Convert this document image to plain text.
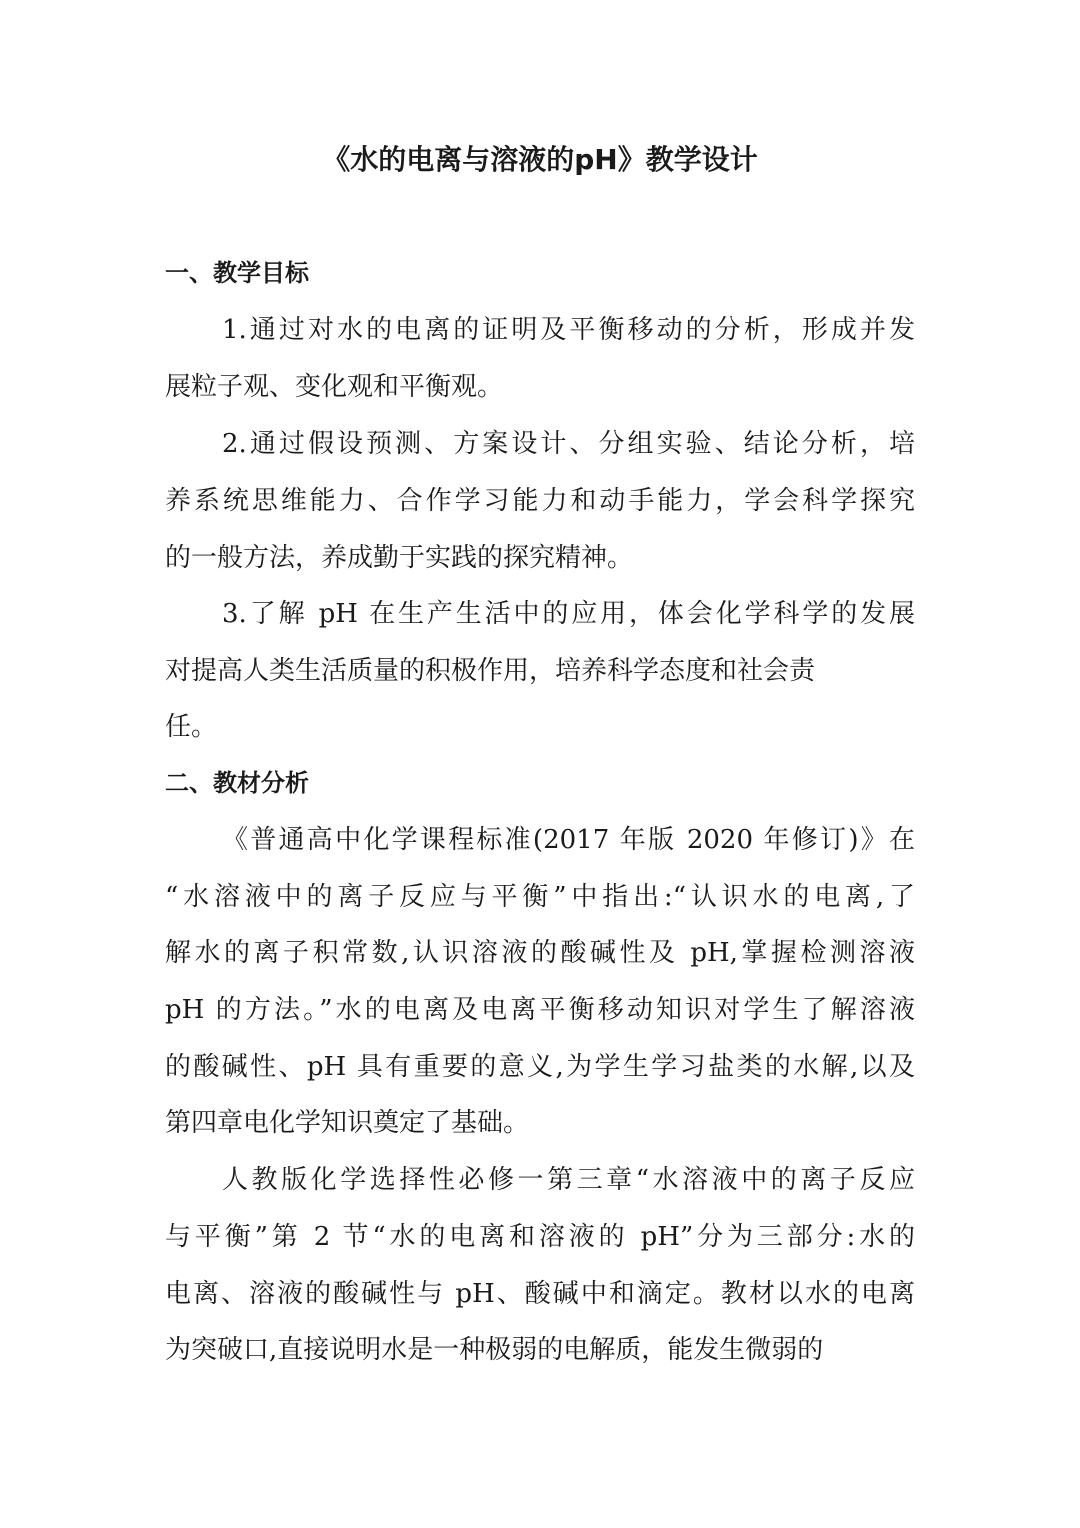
《水的电离与溶液的pH》教学设计
一、教学目标
1.通过对水的电离的证明及平衡移动的分析，形成并发
展粒子观、变化观和平衡观。
2.通过假设预测、方案设计、分组实验、结论分析，培
养系统思维能力、合作学习能力和动手能力，学会科学探究
的一般方法，养成勤于实践的探究精神。
3.了解 pH 在生产生活中的应用，体会化学科学的发展
对提高人类生活质量的积极作用，培养科学态度和社会责
任。
二、教材分析
《普通高中化学课程标准(2017 年版 2020 年修订)》在
“水溶液中的离子反应与平衡”中指出:“认识水的电离,了
解水的离子积常数,认识溶液的酸碱性及 pH,掌握检测溶液
pH 的方法。”水的电离及电离平衡移动知识对学生了解溶液
的酸碱性、pH 具有重要的意义,为学生学习盐类的水解,以及
第四章电化学知识奠定了基础。
人教版化学选择性必修一第三章“水溶液中的离子反应
与平衡”第 2 节“水的电离和溶液的 pH”分为三部分:水的
电离、溶液的酸碱性与 pH、酸碱中和滴定。教材以水的电离
为突破口,直接说明水是一种极弱的电解质，能发生微弱的
